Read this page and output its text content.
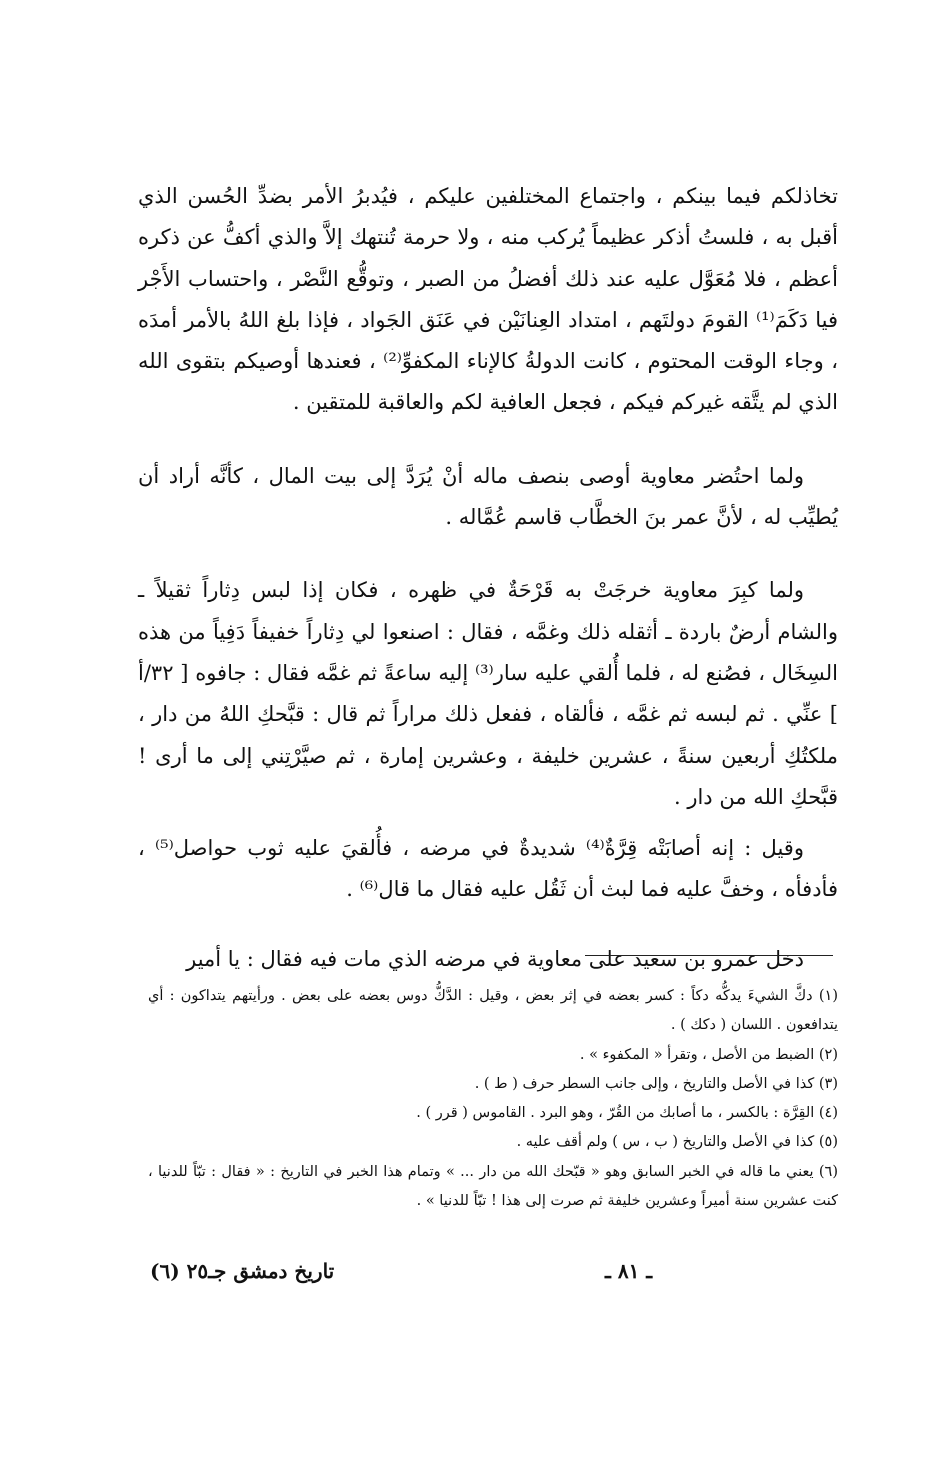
تخاذلكم فيما بينكم ، واجتماع المختلفين عليكم ، فيُدبرُ الأمر بضدِّ الحُسن الذي أقبل به ، فلستُ أذكر عظيماً يُركب منه ، ولا حرمة تُنتهك إلاَّ والذي أكفُّ عن ذكره أعظم ، فلا مُعَوَّل عليه عند ذلك أفضلُ من الصبر ، وتوقُّع النَّصْر ، واحتساب الأَجْر فيا دَكَمَ⁽¹⁾ القومَ دولتَهم ، امتداد العِنانَيْن في عَنَق الجَواد ، فإذا بلغ اللهُ بالأمر أمدَه ، وجاء الوقت المحتوم ، كانت الدولةُ كالإناء المكفوِّ⁽²⁾ ، فعندها أوصيكم بتقوى الله الذي لم يتَّقه غيركم فيكم ، فجعل العافية لكم والعاقبة للمتقين .

ولما احتُضر معاوية أوصى بنصف ماله أنْ يُرَدَّ إلى بيت المال ، كأنَّه أراد أن يُطيِّب له ، لأنَّ عمر بنَ الخطَّاب قاسم عُمَّاله .

ولما كبِرَ معاوية خرجَتْ به قَرْحَةٌ في ظهره ، فكان إذا لبس دِثاراً ثقيلاً ـ والشام أرضٌ باردة ـ أثقله ذلك وغمَّه ، فقال : اصنعوا لي دِثاراً خفيفاً دَفِياً من هذه السِخَال ، فصُنع له ، فلما أُلقي عليه سار⁽³⁾ إليه ساعةً ثم غمَّه فقال : جافوه [ ٣٢/أ ] عنِّي . ثم لبسه ثم غمَّه ، فألقاه ، ففعل ذلك مراراً ثم قال : قبَّحكِ اللهُ من دار ، ملكتُكِ أربعين سنةً ، عشرين خليفة ، وعشرين إمارة ، ثم صيَّرْتِني إلى ما أرى ! قبَّحكِ الله من دار .

وقيل : إنه أصابَتْه قِرَّةٌ⁽⁴⁾ شديدةٌ في مرضه ، فأُلقيَ عليه ثوب حواصل⁽⁵⁾ ، فأدفأه ، وخفَّ عليه فما لبث أن ثَقُل عليه فقال ما قال⁽⁶⁾ .

دخل عمرو بن سعيد على معاوية في مرضه الذي مات فيه فقال : يا أمير

(١) دكَّ الشيءَ يدكُّه دكاً : كسر بعضه في إثر بعض ، وقيل : الدَّكُّ دوس بعضه على بعض . ورأيتهم يتداكون : أي يتدافعون . اللسان ( دكك ) .

(٢) الضبط من الأصل ، وتقرأ « المكفوء » .

(٣) كذا في الأصل والتاريخ ، وإلى جانب السطر حرف ( ط ) .

(٤) القِرَّة : بالكسر ، ما أصابك من القُرّ ، وهو البرد . القاموس ( قرر ) .

(٥) كذا في الأصل والتاريخ ( ب ، س ) ولم أقف عليه .

(٦) يعني ما قاله في الخبر السابق وهو « قبّحك الله من دار ... » وتمام هذا الخبر في التاريخ : « فقال : تبّاً للدنيا ، كنت عشرين سنة أميراً وعشرين خليفة ثم صرت إلى هذا ! تبّاً للدنيا » .

ـ ٨١ ـ
تاريخ دمشق جـ٢٥ (٦)
